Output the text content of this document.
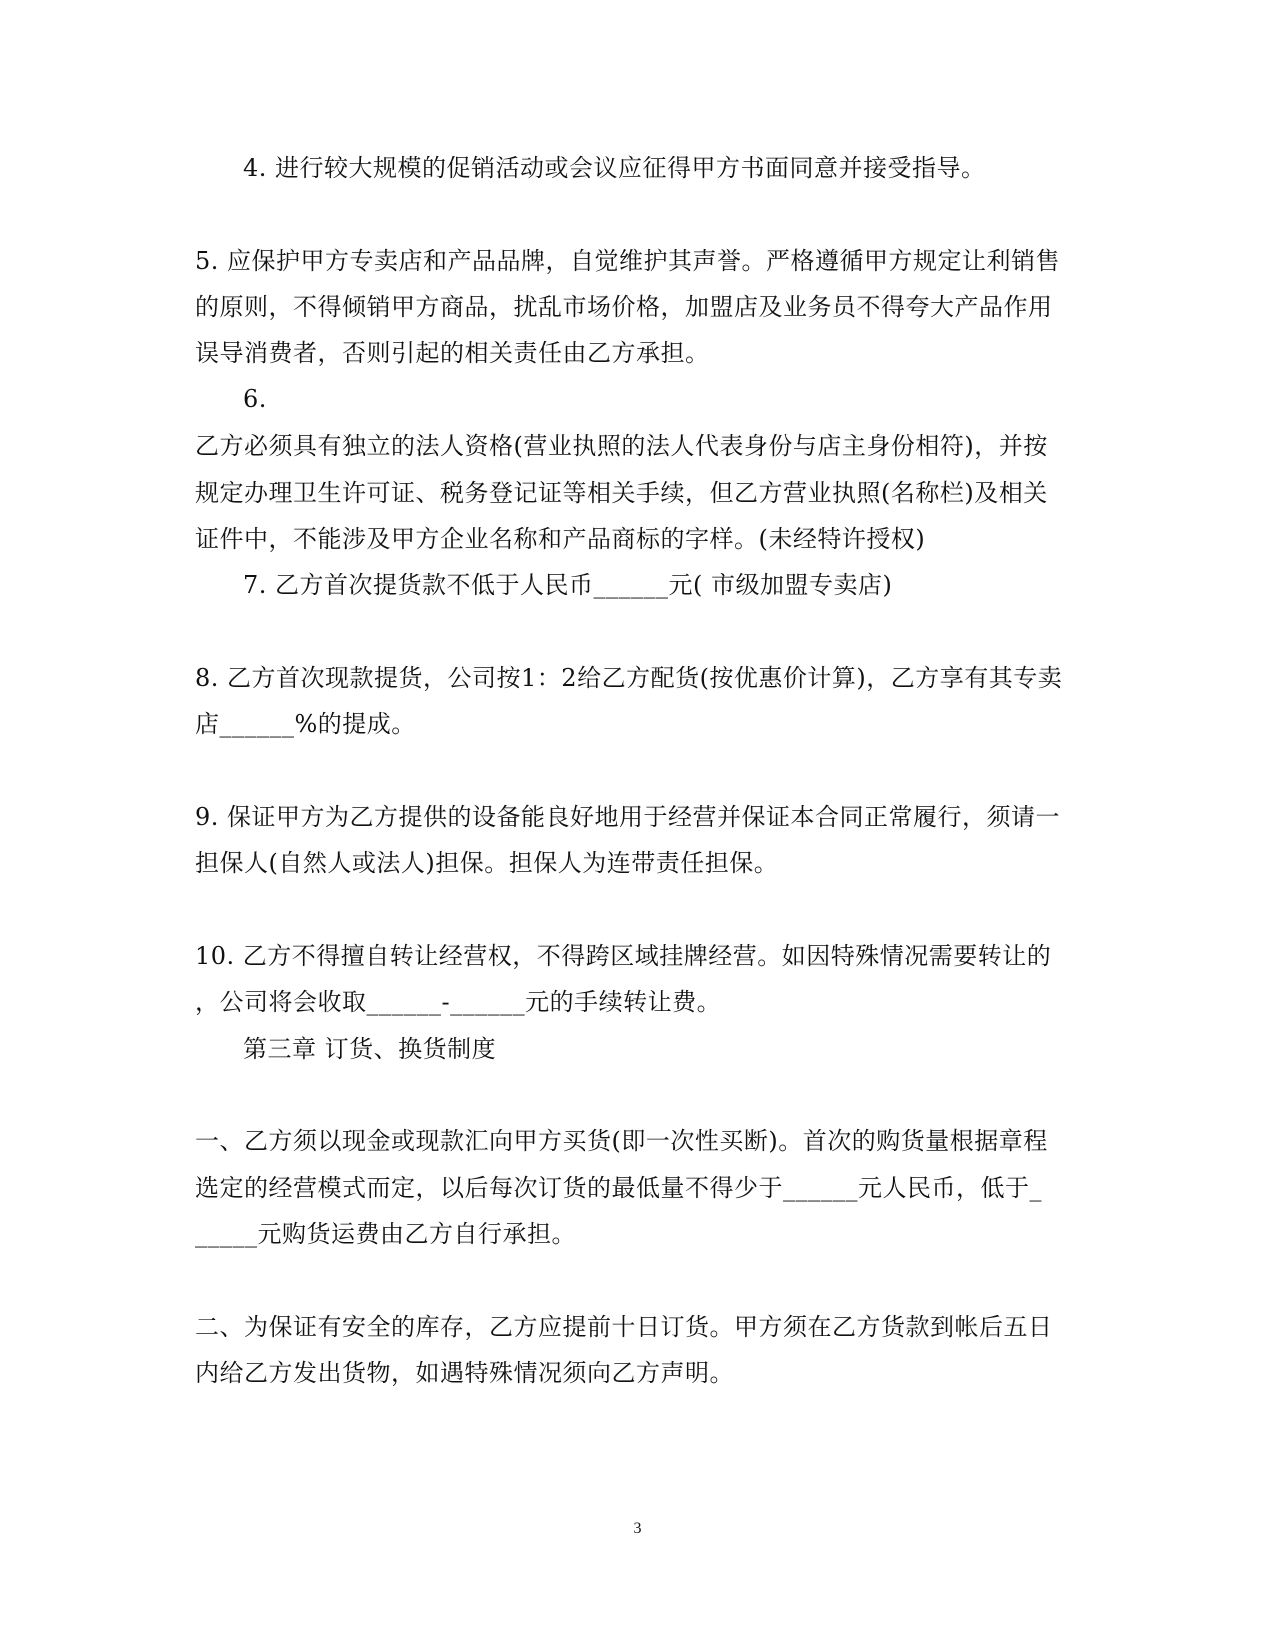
4. 进行较大规模的促销活动或会议应征得甲方书面同意并接受指导。
5. 应保护甲方专卖店和产品品牌，自觉维护其声誉。严格遵循甲方规定让利销售
的原则，不得倾销甲方商品，扰乱市场价格，加盟店及业务员不得夸大产品作用
误导消费者，否则引起的相关责任由乙方承担。
6.
乙方必须具有独立的法人资格(营业执照的法人代表身份与店主身份相符)，并按
规定办理卫生许可证、税务登记证等相关手续，但乙方营业执照(名称栏)及相关
证件中，不能涉及甲方企业名称和产品商标的字样。(未经特许授权)
7. 乙方首次提货款不低于人民币______元( 市级加盟专卖店)
8. 乙方首次现款提货，公司按1：2给乙方配货(按优惠价计算)，乙方享有其专卖
店______%的提成。
9. 保证甲方为乙方提供的设备能良好地用于经营并保证本合同正常履行，须请一
担保人(自然人或法人)担保。担保人为连带责任担保。
10. 乙方不得擅自转让经营权，不得跨区域挂牌经营。如因特殊情况需要转让的
，公司将会收取______-______元的手续转让费。
第三章 订货、换货制度
一、乙方须以现金或现款汇向甲方买货(即一次性买断)。首次的购货量根据章程
选定的经营模式而定，以后每次订货的最低量不得少于______元人民币，低于_
_____元购货运费由乙方自行承担。
二、为保证有安全的库存，乙方应提前十日订货。甲方须在乙方货款到帐后五日
内给乙方发出货物，如遇特殊情况须向乙方声明。
3
